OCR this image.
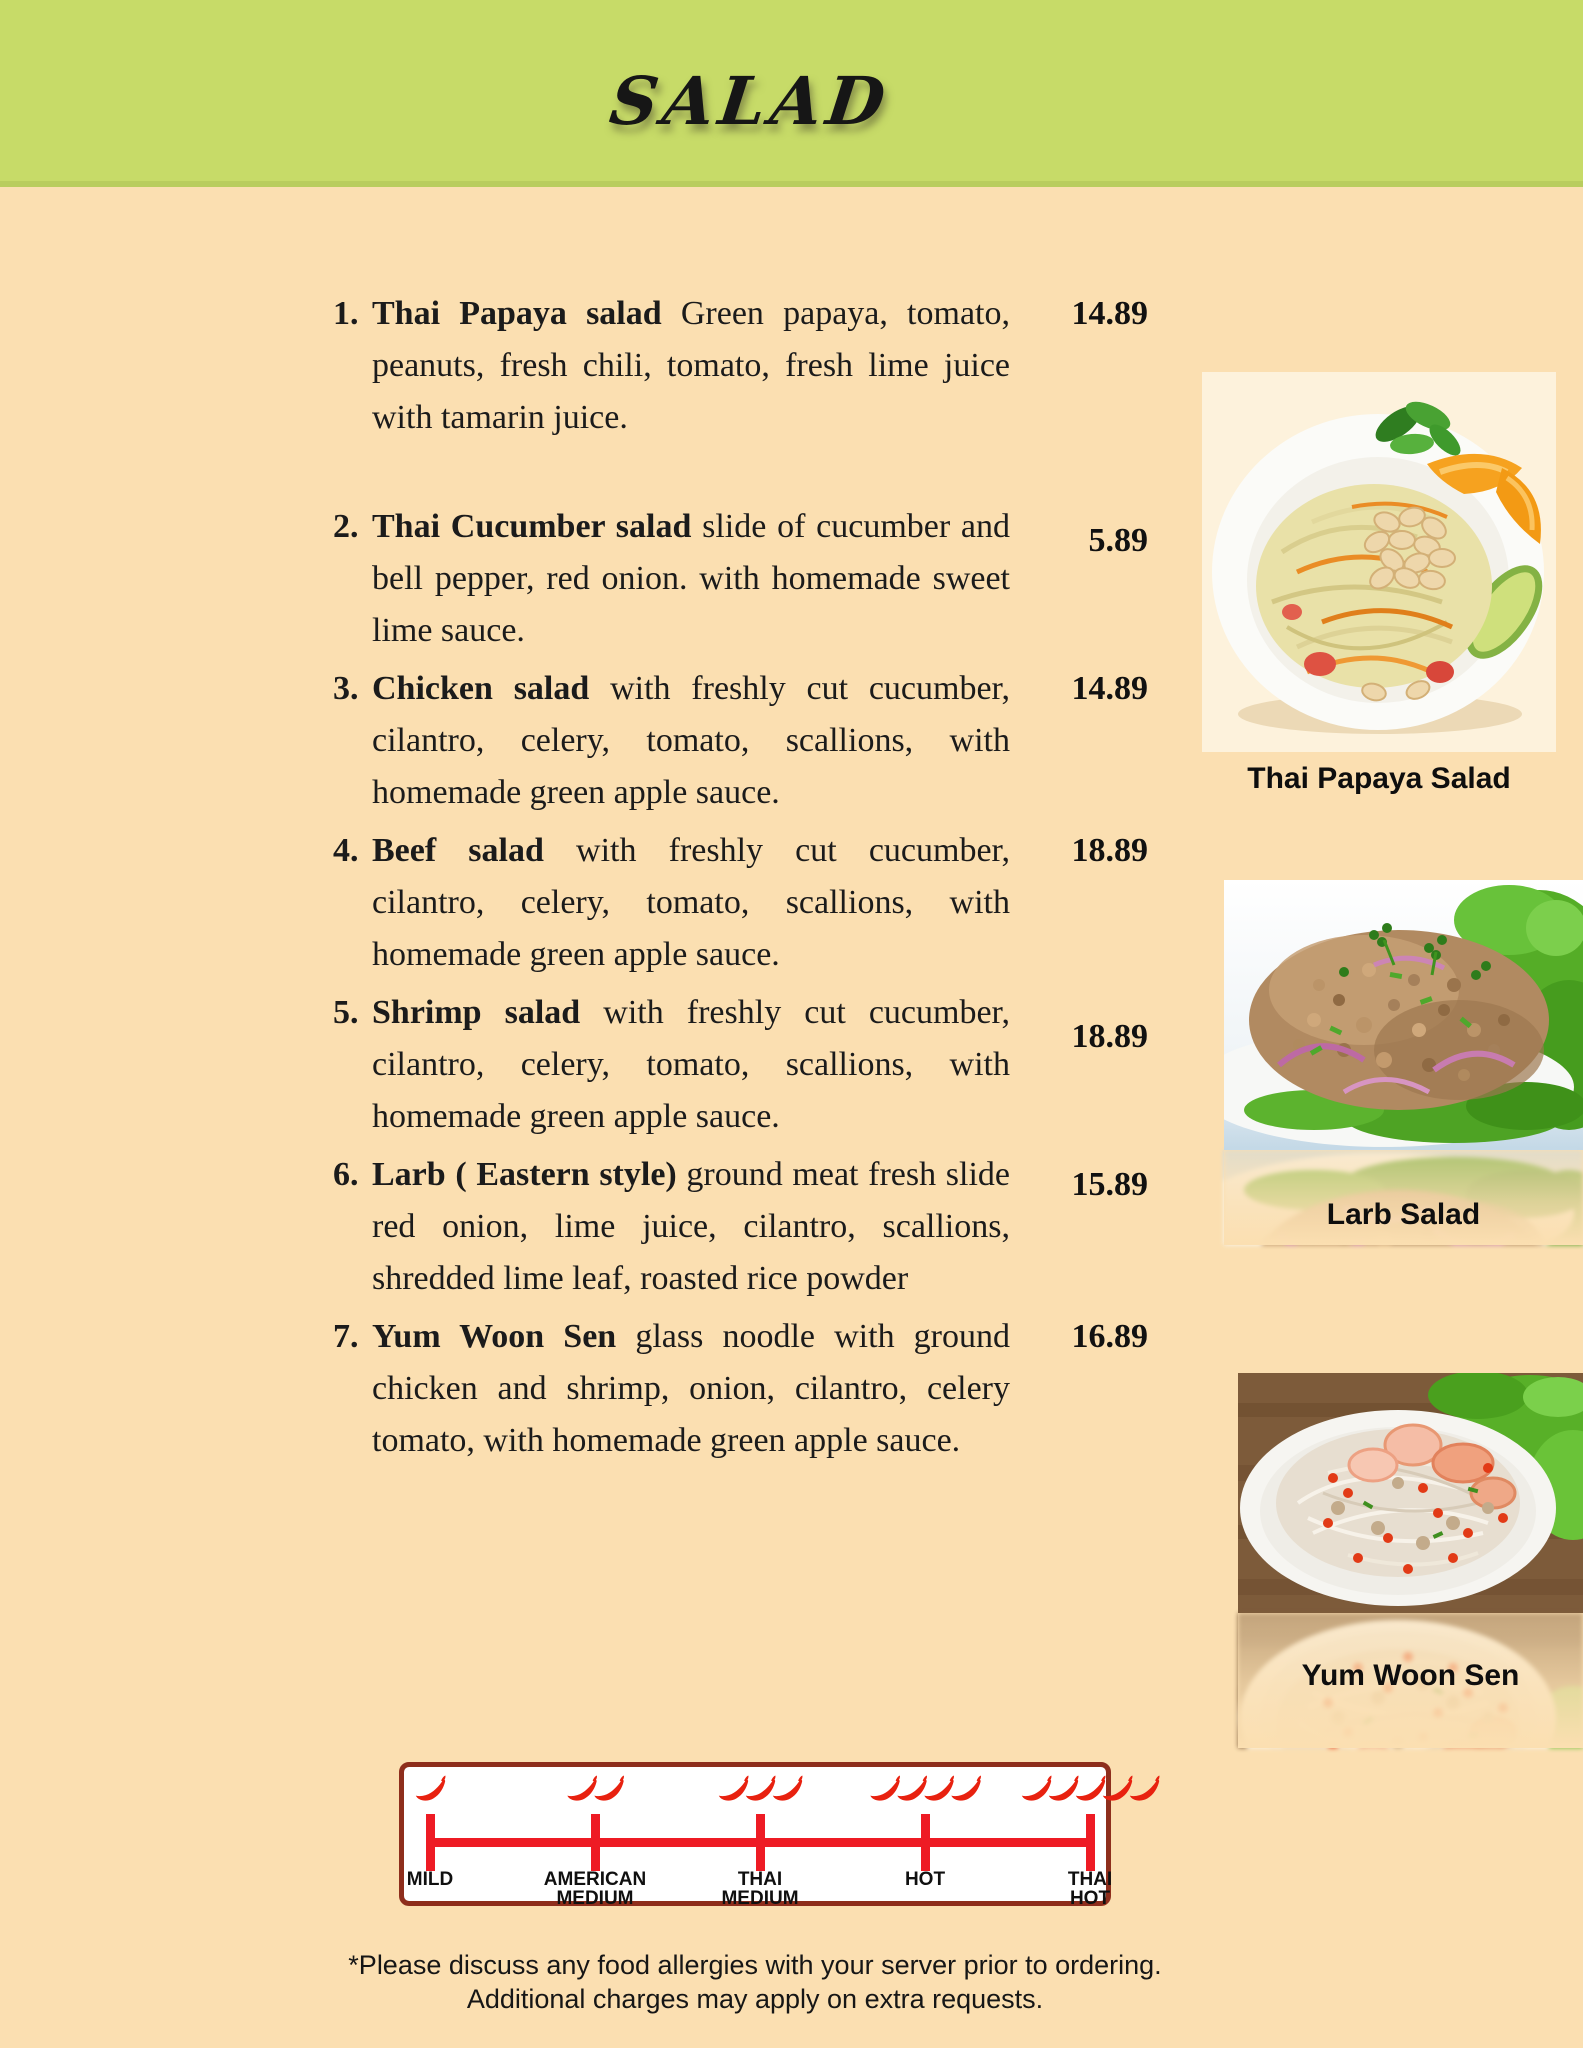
SALAD
1. Thai Papaya salad Green papaya, tomato, peanuts, fresh chili, tomato, fresh lime juice with tamarin juice.

14.89
2. Thai Cucumber salad slide of cucumber and bell pepper, red onion. with homemade sweet lime sauce.

5.89
3. Chicken salad with freshly cut cucumber, cilantro, celery, tomato, scallions, with homemade green apple sauce.

14.89
4. Beef salad with freshly cut cucumber, cilantro, celery, tomato, scallions, with homemade green apple sauce.

18.89
5. Shrimp salad with freshly cut cucumber, cilantro, celery, tomato, scallions, with homemade green apple sauce.

18.89
6. Larb ( Eastern style) ground meat fresh slide red onion, lime juice, cilantro, scallions, shredded lime leaf, roasted rice powder

15.89
7. Yum Woon Sen glass noodle with ground chicken and shrimp, onion, cilantro, celery tomato, with homemade green apple sauce.

16.89
Thai Papaya Salad
Larb Salad
Yum Woon Sen
MILD	AMERICAN
MEDIUM
THAI
MEDIUM
HOT	THAI
HOT
*Please discuss any food allergies with your server prior to ordering.
Additional charges may apply on extra requests.
